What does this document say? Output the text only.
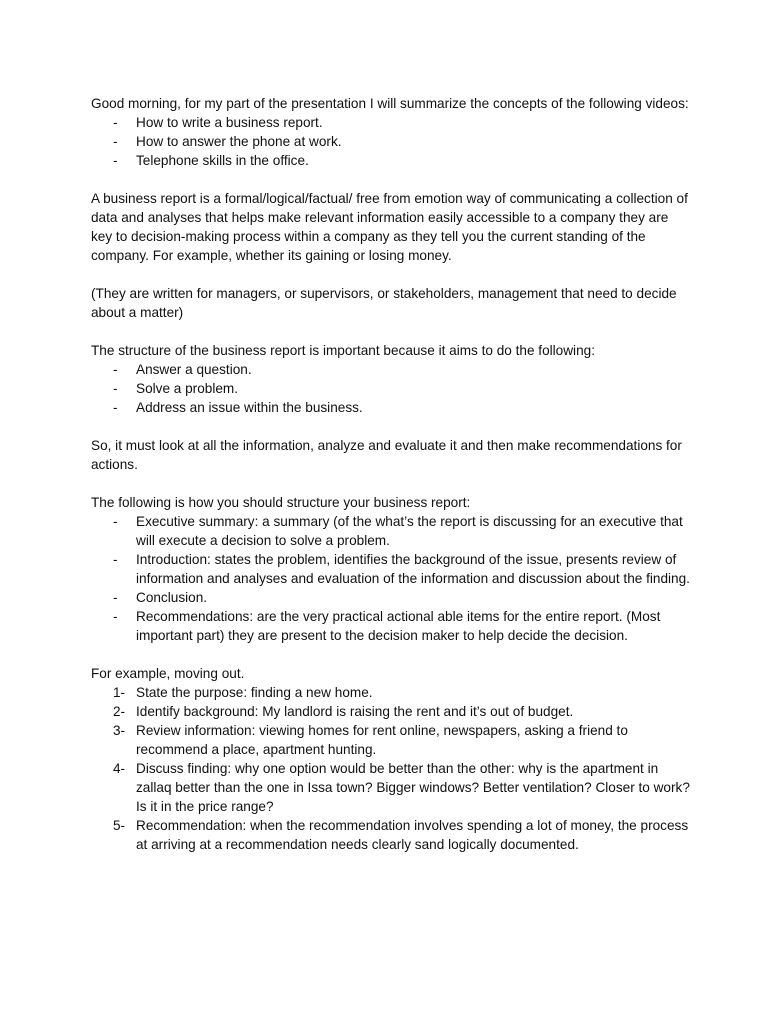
Good morning, for my part of the presentation I will summarize the concepts of the following videos:

- How to write a business report.
- How to answer the phone at work.
- Telephone skills in the office.

A business report is a formal/logical/factual/ free from emotion way of communicating a collection of data and analyses that helps make relevant information easily accessible to a company they are key to decision-making process within a company as they tell you the current standing of the company. For example, whether its gaining or losing money.

(They are written for managers, or supervisors, or stakeholders, management that need to decide about a matter)

The structure of the business report is important because it aims to do the following:

- Answer a question.
- Solve a problem.
- Address an issue within the business.

So, it must look at all the information, analyze and evaluate it and then make recommendations for actions.

The following is how you should structure your business report:

- Executive summary: a summary (of the what’s the report is discussing for an executive that will execute a decision to solve a problem.
- Introduction: states the problem, identifies the background of the issue, presents review of information and analyses and evaluation of the information and discussion about the finding.
- Conclusion.
- Recommendations: are the very practical actional able items for the entire report. (Most important part) they are present to the decision maker to help decide the decision.

For example, moving out.

1- State the purpose: finding a new home.
2- Identify background: My landlord is raising the rent and it’s out of budget.
3- Review information: viewing homes for rent online, newspapers, asking a friend to recommend a place, apartment hunting.
4- Discuss finding: why one option would be better than the other: why is the apartment in zallaq better than the one in Issa town? Bigger windows? Better ventilation? Closer to work? Is it in the price range?
5- Recommendation: when the recommendation involves spending a lot of money, the process at arriving at a recommendation needs clearly sand logically documented.
